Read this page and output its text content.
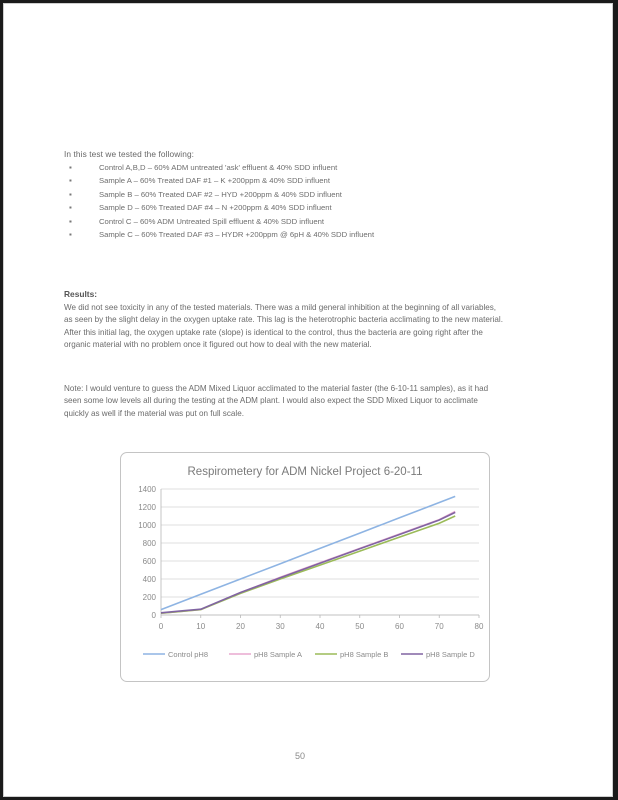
In this test we tested the following:
▪ Control A,B,D – 60% ADM untreated 'ask' effluent & 40% SDD influent
▪ Sample A – 60% Treated DAF #1 – K +200ppm & 40% SDD influent
▪ Sample B – 60% Treated DAF #2 – HYD +200ppm & 40% SDD influent
▪ Sample D – 60% Treated DAF #4 – N +200ppm & 40% SDD influent
▪ Control C – 60% ADM Untreated Spill effluent & 40% SDD influent
▪ Sample C – 60% Treated DAF #3 – HYDR +200ppm @ 6pH & 40% SDD influent
Results:

We did not see toxicity in any of the tested materials. There was a mild general inhibition at the beginning of all variables, as seen by the slight delay in the oxygen uptake rate. This lag is the heterotrophic bacteria acclimating to the new material. After this initial lag, the oxygen uptake rate (slope) is identical to the control, thus the bacteria are going right after the organic material with no problem once it figured out how to deal with the new material.

Note: I would venture to guess the ADM Mixed Liquor acclimated to the material faster (the 6-10-11 samples), as it had seen some low levels all during the testing at the ADM plant. I would also expect the SDD Mixed Liquor to acclimate quickly as well if the material was put on full scale.

Respirometery for ADM Nickel Project 6-20-11
0
200
400
600
800
1000
1200
1400
0	10	20	30	40	50	60	70	80
Control pH8	pH8 Sample A	pH8 Sample B	pH8 Sample D
50
